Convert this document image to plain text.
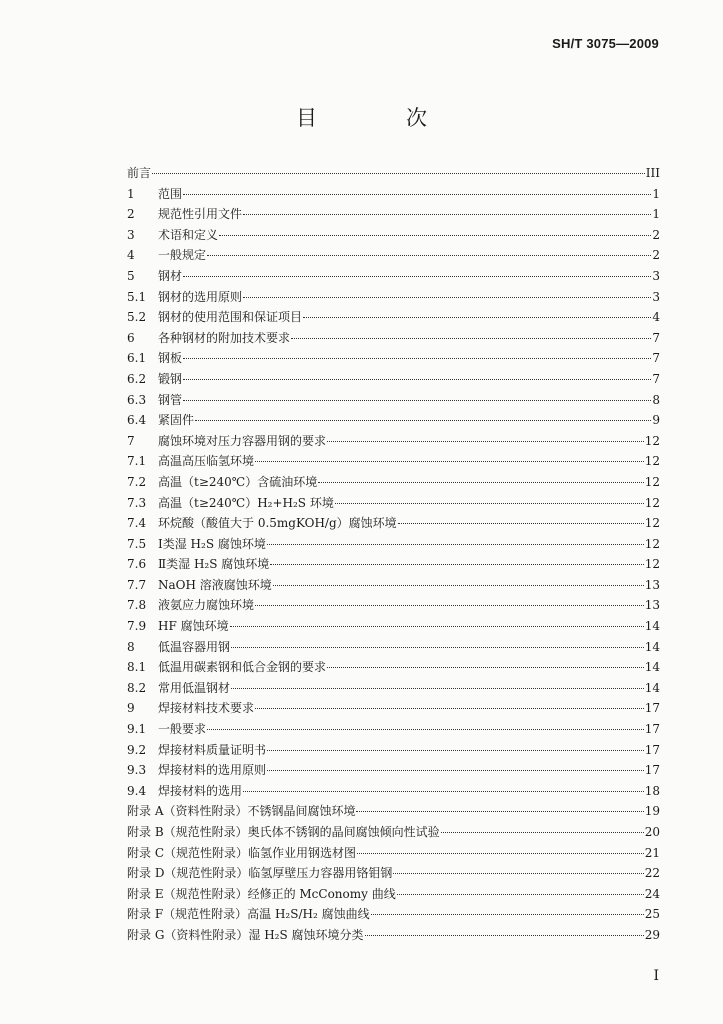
SH/T 3075—2009
目　次
前言	III
1	范围	1
2	规范性引用文件	1
3	术语和定义	2
4	一般规定	2
5	钢材	3
5.1 钢材的选用原则	3
5.2 钢材的使用范围和保证项目	4
6	各种钢材的附加技术要求	7
6.1 钢板	7
6.2 锻钢	7
6.3 钢管	8
6.4 紧固件	9
7	腐蚀环境对压力容器用钢的要求	12
7.1 高温高压临氢环境	12
7.2 高温（t≥240℃）含硫油环境	12
7.3 高温（t≥240℃）H₂+H₂S 环境	12
7.4 环烷酸（酸值大于 0.5mgKOH/g）腐蚀环境	12
7.5 Ⅰ类湿 H₂S 腐蚀环境	12
7.6 Ⅱ类湿 H₂S 腐蚀环境	12
7.7 NaOH 溶液腐蚀环境	13
7.8 液氨应力腐蚀环境	13
7.9 HF 腐蚀环境	14
8	低温容器用钢	14
8.1 低温用碳素钢和低合金钢的要求	14
8.2 常用低温钢材	14
9	焊接材料技术要求	17
9.1 一般要求	17
9.2 焊接材料质量证明书	17
9.3 焊接材料的选用原则	17
9.4 焊接材料的选用	18
附录 A（资料性附录）不锈钢晶间腐蚀环境	19
附录 B（规范性附录）奥氏体不锈钢的晶间腐蚀倾向性试验	20
附录 C（规范性附录）临氢作业用钢选材图	21
附录 D（规范性附录）临氢厚壁压力容器用铬钼钢	22
附录 E（规范性附录）经修正的 McConomy 曲线	24
附录 F（规范性附录）高温 H₂S/H₂ 腐蚀曲线	25
附录 G（资料性附录）湿 H₂S 腐蚀环境分类	29
I
